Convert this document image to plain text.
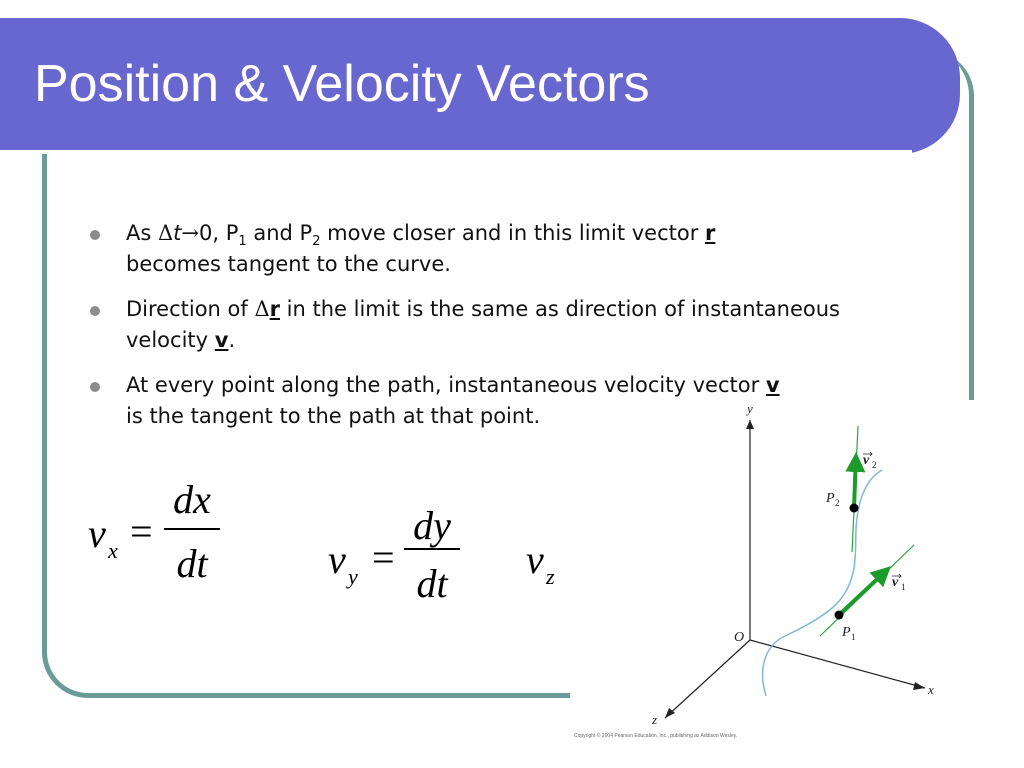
Position & Velocity Vectors
As Δt→0, $P_1$ and $P_2$ move closer and in this limit vector r
becomes tangent to the curve.
Direction of Δr in the limit is the same as direction of instantaneous velocity v.
At every point along the path, instantaneous velocity vector v
is the tangent to the path at that point.
v x =
dx
dt	v y =
dy
dt
v z
y
x
z
O	P 1
P 2
v 1
v 2
Copyright © 2004 Pearson Education, Inc., publishing as Addison Wesley.
